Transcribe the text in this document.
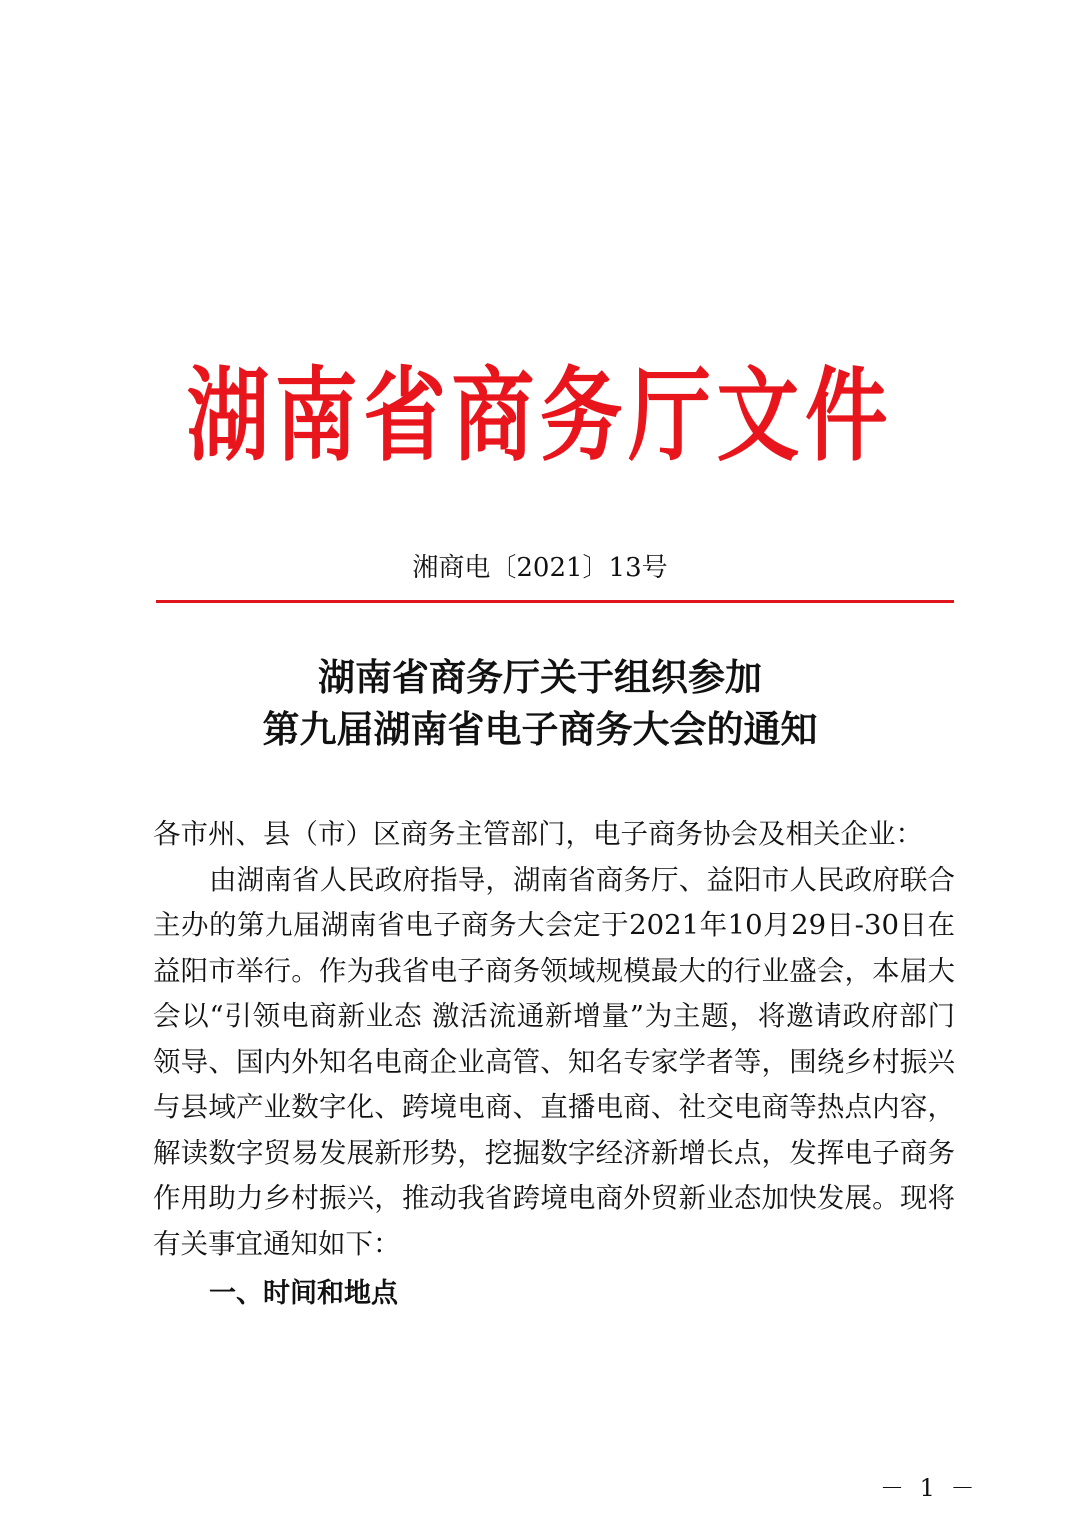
湖南省商务厅文件
湘商电〔2021〕13号
湖南省商务厅关于组织参加
第九届湖南省电子商务大会的通知

各市州、县（市）区商务主管部门，电子商务协会及相关企业：

由湖南省人民政府指导，湖南省商务厅、益阳市人民政府联合主办的第九届湖南省电子商务大会定于2021年10月29日-30日在益阳市举行。作为我省电子商务领域规模最大的行业盛会，本届大会以“引领电商新业态 激活流通新增量”为主题，将邀请政府部门领导、国内外知名电商企业高管、知名专家学者等，围绕乡村振兴与县域产业数字化、跨境电商、直播电商、社交电商等热点内容，解读数字贸易发展新形势，挖掘数字经济新增长点，发挥电子商务作用助力乡村振兴，推动我省跨境电商外贸新业态加快发展。现将有关事宜通知如下：

一、时间和地点

－ 1 －
